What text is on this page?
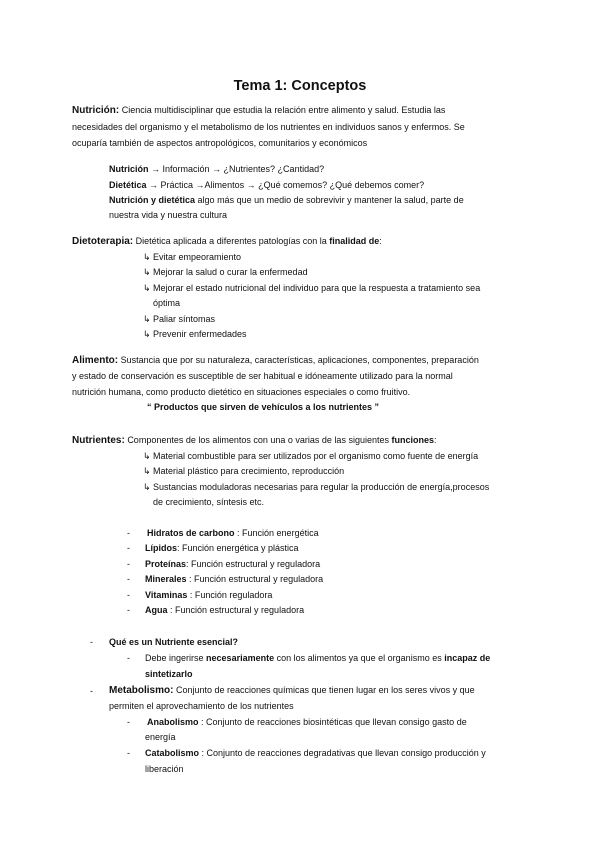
Tema 1: Conceptos
Nutrición: Ciencia multidisciplinar que estudia la relación entre alimento y salud. Estudia las
necesidades del organismo y el metabolismo de los nutrientes en individuos sanos y enfermos. Se
ocuparía también de aspectos antropológicos, comunitarios y económicos
Nutrición → Información → ¿Nutrientes? ¿Cantidad?
Dietética → Práctica →Alimentos → ¿Qué comemos? ¿Qué debemos comer?
Nutrición y dietética algo más que un medio de sobrevivir y mantener la salud, parte de
nuestra vida y nuestra cultura
Dietoterapia: Dietética aplicada a diferentes patologías con la finalidad de:
↳ Evitar empeoramiento
↳ Mejorar la salud o curar la enfermedad
↳ Mejorar el estado nutricional del individuo para que la respuesta a tratamiento sea
óptima
↳ Paliar síntomas
↳ Prevenir enfermedades
Alimento: Sustancia que por su naturaleza, características, aplicaciones, componentes, preparación
y estado de conservación es susceptible de ser habitual e idóneamente utilizado para la normal
nutrición humana, como producto dietético en situaciones especiales o como fruitivo.
“ Productos que sirven de vehículos a los nutrientes ”
Nutrientes: Componentes de los alimentos con una o varias de las siguientes funciones:
↳ Material combustible para ser utilizados por el organismo como fuente de energía
↳ Material plástico para crecimiento, reproducción
↳ Sustancias moduladoras necesarias para regular la producción de energía,procesos
de crecimiento, síntesis etc.
- Hidratos de carbono : Función energética
- Lípidos: Función energética y plástica
- Proteínas: Función estructural y reguladora
- Minerales : Función estructural y reguladora
- Vitaminas : Función reguladora
- Agua : Función estructural y reguladora
- Qué es un Nutriente esencial?
- Debe ingerirse necesariamente con los alimentos ya que el organismo es incapaz de
sintetizarlo
- Metabolismo: Conjunto de reacciones químicas que tienen lugar en los seres vivos y que
permiten el aprovechamiento de los nutrientes
- Anabolismo : Conjunto de reacciones biosintéticas que llevan consigo gasto de
energía
- Catabolismo : Conjunto de reacciones degradativas que llevan consigo producción y
liberación
